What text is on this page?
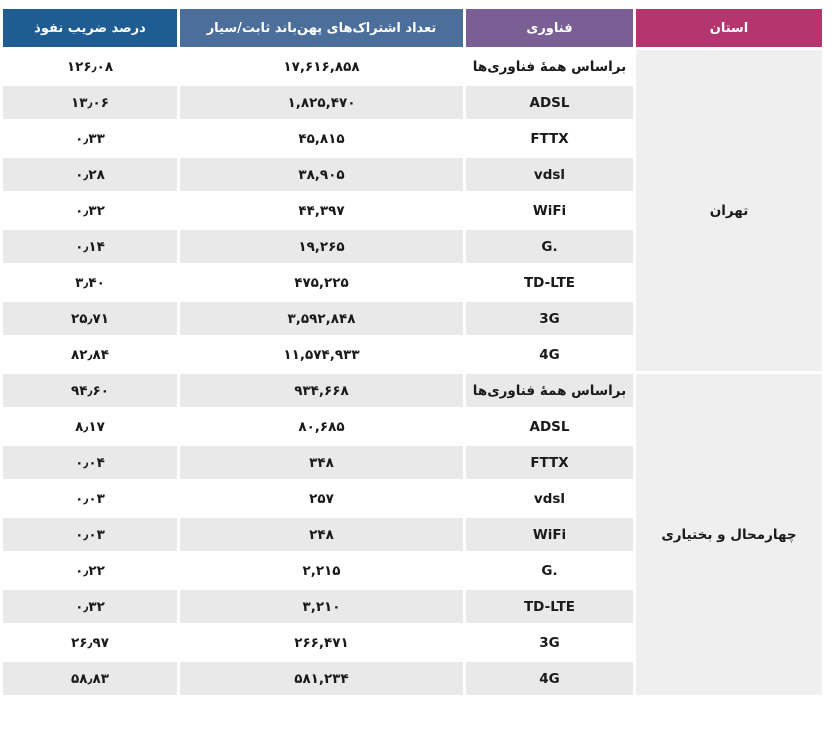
استان	فناوری	تعداد اشتراک‌های پهن‌باند ثابت/سیار	درصد ضریب نفوذ
تهران	براساس همهٔ فناوری‌ها	۱۷,۶۱۶,۸۵۸	۱۲۶٫۰۸
	ADSL	۱,۸۲۵,۴۷۰	۱۳٫۰۶
	FTTX	۴۵,۸۱۵	۰٫۳۳
	vdsl	۳۸,۹۰۵	۰٫۲۸
	WiFi	۴۴,۳۹۷	۰٫۳۲
	G.	۱۹,۲۶۵	۰٫۱۴
	TD-LTE	۴۷۵,۲۲۵	۳٫۴۰
	3G	۳,۵۹۲,۸۴۸	۲۵٫۷۱
	4G	۱۱,۵۷۴,۹۳۳	۸۲٫۸۴
چهارمحال و بختیاری	براساس همهٔ فناوری‌ها	۹۳۴,۶۶۸	۹۴٫۶۰
	ADSL	۸۰,۶۸۵	۸٫۱۷
	FTTX	۳۴۸	۰٫۰۴
	vdsl	۲۵۷	۰٫۰۳
	WiFi	۲۴۸	۰٫۰۳
	G.	۲,۲۱۵	۰٫۲۲
	TD-LTE	۳,۲۱۰	۰٫۳۲
	3G	۲۶۶,۴۷۱	۲۶٫۹۷
	4G	۵۸۱,۲۳۴	۵۸٫۸۳
